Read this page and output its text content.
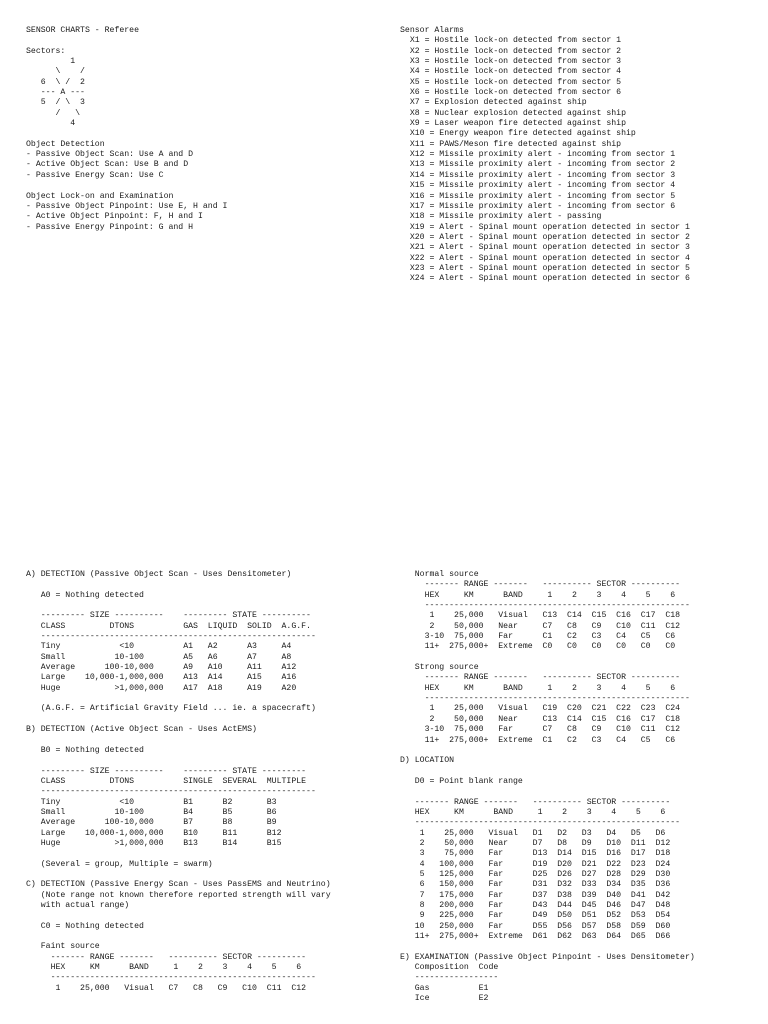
SENSOR CHARTS - Referee

Sectors:
1
\    /
6  \ /  2
--- A ---
5  / \  3
/   \
4

Object Detection
- Passive Object Scan: Use A and D
- Active Object Scan: Use B and D
- Passive Energy Scan: Use C

Object Lock-on and Examination
- Passive Object Pinpoint: Use E, H and I
- Active Object Pinpoint: F, H and I
- Passive Energy Pinpoint: G and H
Sensor Alarms
X1 = Hostile lock-on detected from sector 1
X2 = Hostile lock-on detected from sector 2
X3 = Hostile lock-on detected from sector 3
X4 = Hostile lock-on detected from sector 4
X5 = Hostile lock-on detected from sector 5
X6 = Hostile lock-on detected from sector 6
X7 = Explosion detected against ship
X8 = Nuclear explosion detected against ship
X9 = Laser weapon fire detected against ship
X10 = Energy weapon fire detected against ship
X11 = PAWS/Meson fire detected against ship
X12 = Missile proximity alert - incoming from sector 1
X13 = Missile proximity alert - incoming from sector 2
X14 = Missile proximity alert - incoming from sector 3
X15 = Missile proximity alert - incoming from sector 4
X16 = Missile proximity alert - incoming from sector 5
X17 = Missile proximity alert - incoming from sector 6
X18 = Missile proximity alert - passing
X19 = Alert - Spinal mount operation detected in sector 1
X20 = Alert - Spinal mount operation detected in sector 2
X21 = Alert - Spinal mount operation detected in sector 3
X22 = Alert - Spinal mount operation detected in sector 4
X23 = Alert - Spinal mount operation detected in sector 5
X24 = Alert - Spinal mount operation detected in sector 6
A) DETECTION (Passive Object Scan - Uses Densitometer)

A0 = Nothing detected

--------- SIZE ----------    --------- STATE ----------
CLASS         DTONS          GAS  LIQUID  SOLID  A.G.F.
--------------------------------------------------------
Tiny            <10          A1   A2      A3     A4
Small          10-100        A5   A6      A7     A8
Average      100-10,000      A9   A10     A11    A12
Large    10,000-1,000,000    A13  A14     A15    A16
Huge           >1,000,000    A17  A18     A19    A20

(A.G.F. = Artificial Gravity Field ... ie. a spacecraft)

B) DETECTION (Active Object Scan - Uses ActEMS)

B0 = Nothing detected

--------- SIZE ----------    --------- STATE ---------
CLASS         DTONS          SINGLE  SEVERAL  MULTIPLE
--------------------------------------------------------
Tiny            <10          B1      B2       B3
Small          10-100        B4      B5       B6
Average      100-10,000      B7      B8       B9
Large    10,000-1,000,000    B10     B11      B12
Huge           >1,000,000    B13     B14      B15

(Several = group, Multiple = swarm)

C) DETECTION (Passive Energy Scan - Uses PassEMS and Neutrino)
(Note range not known therefore reported strength will vary
with actual range)

C0 = Nothing detected

Faint source
------- RANGE -------   ---------- SECTOR ----------
HEX     KM      BAND     1    2    3    4    5    6
------------------------------------------------------
1    25,000   Visual   C7   C8   C9   C10  C11  C12
Normal source
------- RANGE -------   ---------- SECTOR ----------
HEX     KM      BAND     1    2    3    4    5    6
------------------------------------------------------
1    25,000   Visual   C13  C14  C15  C16  C17  C18
2    50,000   Near     C7   C8   C9   C10  C11  C12
3-10  75,000   Far      C1   C2   C3   C4   C5   C6
11+  275,000+  Extreme  C0   C0   C0   C0   C0   C0

Strong source
------- RANGE -------   ---------- SECTOR ----------
HEX     KM      BAND     1    2    3    4    5    6
------------------------------------------------------
1    25,000   Visual   C19  C20  C21  C22  C23  C24
2    50,000   Near     C13  C14  C15  C16  C17  C18
3-10  75,000   Far      C7   C8   C9   C10  C11  C12
11+  275,000+  Extreme  C1   C2   C3   C4   C5   C6

D) LOCATION

D0 = Point blank range

------- RANGE -------   ---------- SECTOR ----------
HEX     KM      BAND     1    2    3    4    5    6
------------------------------------------------------
1    25,000   Visual   D1   D2   D3   D4   D5   D6
2    50,000   Near     D7   D8   D9   D10  D11  D12
3    75,000   Far      D13  D14  D15  D16  D17  D18
4   100,000   Far      D19  D20  D21  D22  D23  D24
5   125,000   Far      D25  D26  D27  D28  D29  D30
6   150,000   Far      D31  D32  D33  D34  D35  D36
7   175,000   Far      D37  D38  D39  D40  D41  D42
8   200,000   Far      D43  D44  D45  D46  D47  D48
9   225,000   Far      D49  D50  D51  D52  D53  D54
10   250,000   Far      D55  D56  D57  D58  D59  D60
11+  275,000+  Extreme  D61  D62  D63  D64  D65  D66

E) EXAMINATION (Passive Object Pinpoint - Uses Densitometer)
Composition  Code
-----------------
Gas          E1
Ice          E2
